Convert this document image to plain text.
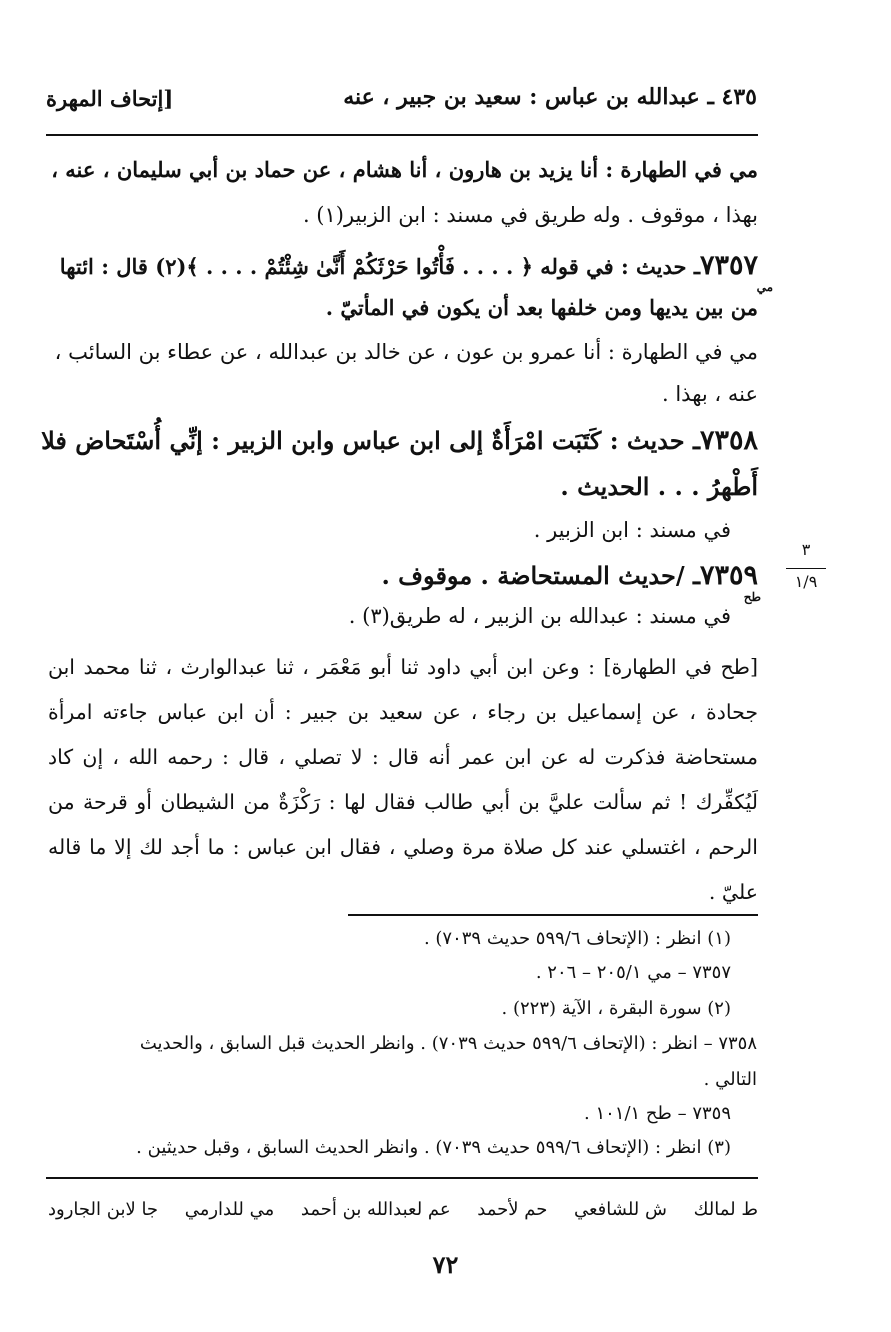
٤٣٥ ـ عبدالله بن عباس : سعيد بن جبير ، عنه
[إتحاف المهرة
مي في الطهارة : أنا يزيد بن هارون ، أنا هشام ، عن حماد بن أبي سليمان ، عنه ،
بهذا ، موقوف . وله طريق في مسند : ابن الزبير(١) .
٧٣٥٧ـ حديث : في قوله ﴿ . . . . فَأْتُوا حَرْثَكُمْ أَنَّىٰ شِئْتُمْ . . . . ﴾(٢) قال : ائتها
مي
من بين يديها ومن خلفها بعد أن يكون في المأتيّ .
مي في الطهارة : أنا عمرو بن عون ، عن خالد بن عبدالله ، عن عطاء بن السائب ،
عنه ، بهذا .
٧٣٥٨ـ حديث : كَتَبَت امْرَأَةٌ إلى ابن عباس وابن الزبير : إنِّي أُسْتَحاض فلا
أَطْهرُ . . . الحديث .
في مسند : ابن الزبير .
٧٣٥٩ـ /حديث المستحاضة . موقوف .
طح
في مسند : عبدالله بن الزبير ، له طريق(٣) .
[طح في الطهارة] : وعن ابن أبي داود ثنا أبو مَعْمَر ، ثنا عبدالوارث ، ثنا محمد ابن جحادة ، عن إسماعيل بن رجاء ، عن سعيد بن جبير : أن ابن عباس جاءته امرأة مستحاضة فذكرت له عن ابن عمر أنه قال : لا تصلي ، قال : رحمه الله ، إن كاد لَيُكفِّرك ! ثم سألت عليَّ بن أبي طالب فقال لها : رَكْزَةٌ من الشيطان أو قرحة من الرحم ، اغتسلي عند كل صلاة مرة وصلي ، فقال ابن عباس : ما أجد لك إلا ما قاله عليّ .
٣
١/٩
(١) انظر : (الإتحاف ٥٩٩/٦ حديث ٧٠٣٩) .
٧٣٥٧ – مي ٢٠٥/١ – ٢٠٦ .
(٢) سورة البقرة ، الآية (٢٢٣) .
٧٣٥٨ – انظر : (الإتحاف ٥٩٩/٦ حديث ٧٠٣٩) . وانظر الحديث قبل السابق ، والحديث
التالي .
٧٣٥٩ – طح ١٠١/١ .
(٣) انظر : (الإتحاف ٥٩٩/٦ حديث ٧٠٣٩) . وانظر الحديث السابق ، وقبل حديثين .
ط لمالك
ش للشافعي
حم لأحمد
عم لعبدالله بن أحمد
مي للدارمي
جا لابن الجارود
٧٢
